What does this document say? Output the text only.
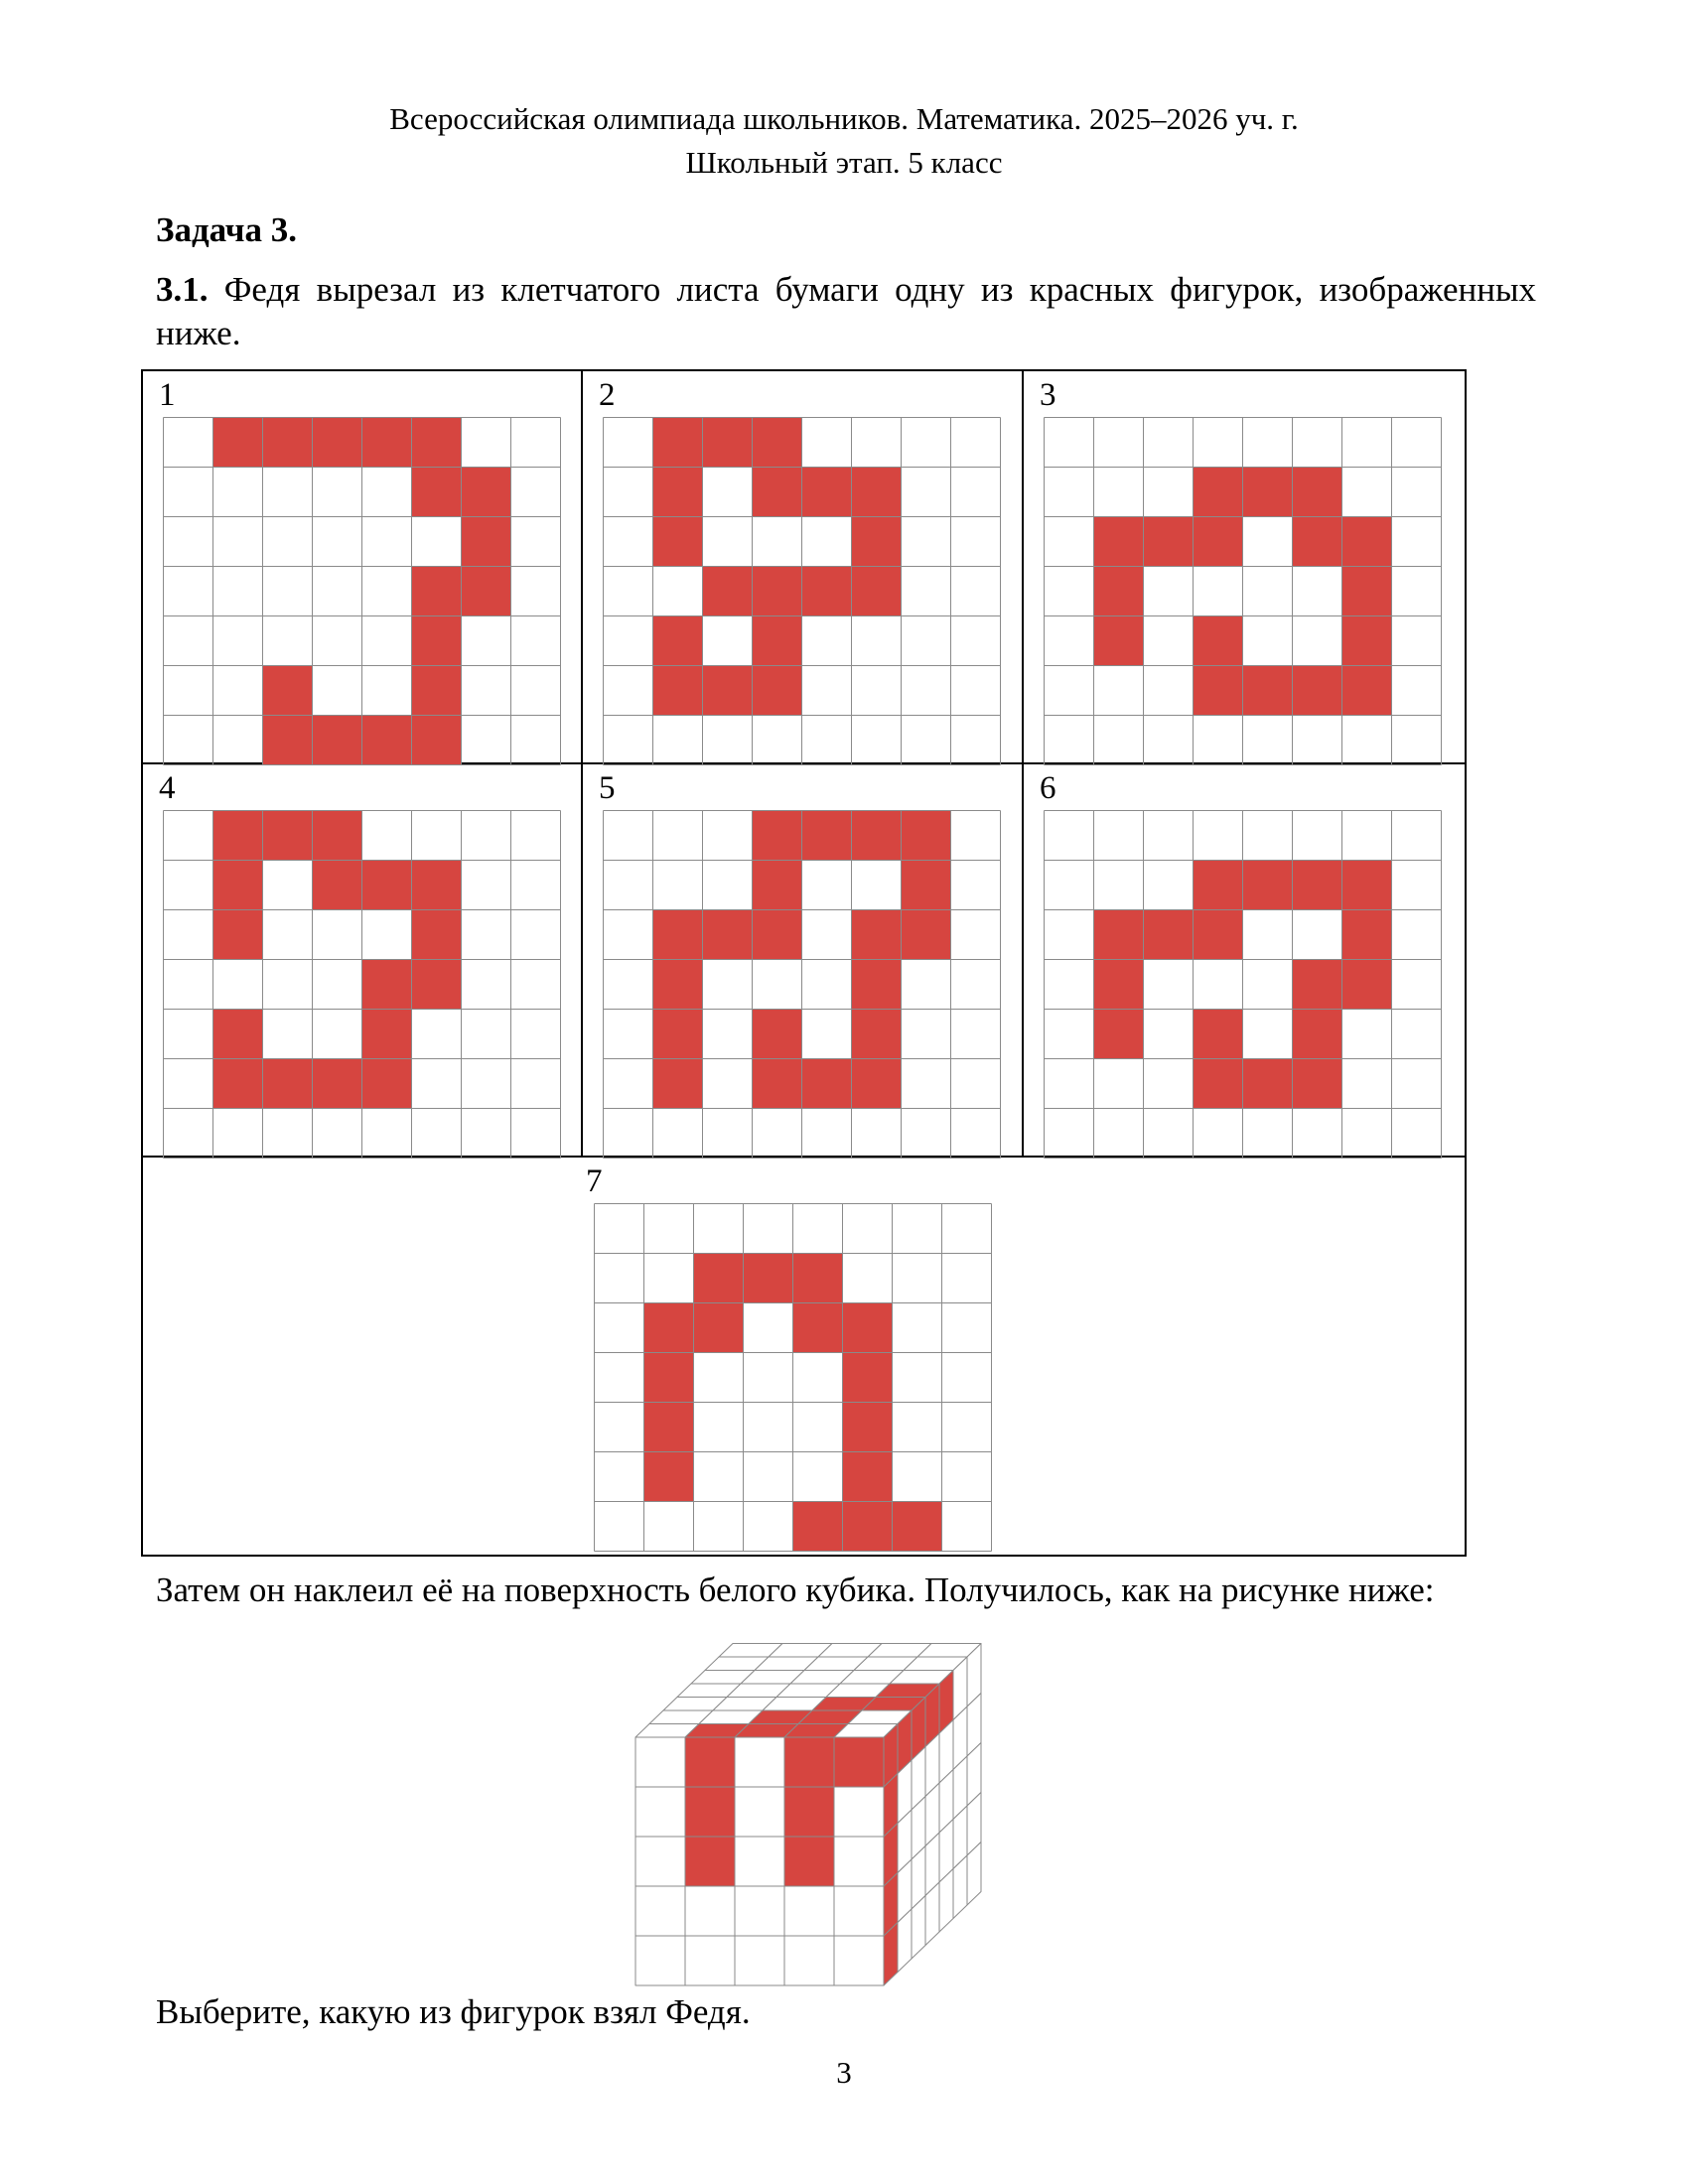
Всероссийская олимпиада школьников. Математика. 2025–2026 уч. г.
Школьный этап. 5 класс
Задача 3.
3.1. Федя вырезал из клетчатого листа бумаги одну из красных фигурок, изображенных ниже.
1	2	3
4	5	6
7
Затем он наклеил её на поверхность белого кубика. Получилось, как на рисунке ниже:
Выберите, какую из фигурок взял Федя.
3
